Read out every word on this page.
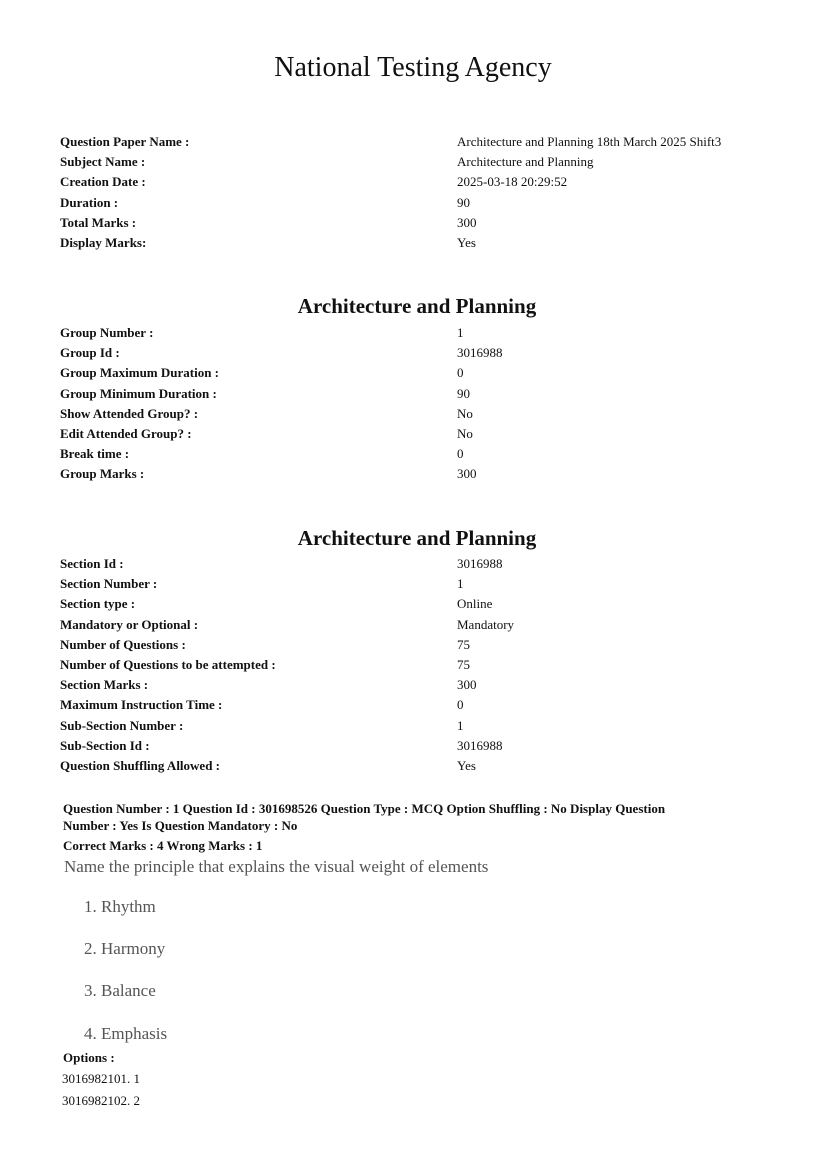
National Testing Agency
Question Paper Name :	Architecture and Planning 18th March 2025 Shift3
Subject Name :	Architecture and Planning
Creation Date :	2025-03-18 20:29:52
Duration :	90
Total Marks :	300
Display Marks:	Yes
Architecture and Planning
Group Number :	1
Group Id :	3016988
Group Maximum Duration :	0
Group Minimum Duration :	90
Show Attended Group? :	No
Edit Attended Group? :	No
Break time :	0
Group Marks :	300
Architecture and Planning
Section Id :	3016988
Section Number :	1
Section type :	Online
Mandatory or Optional :	Mandatory
Number of Questions :	75
Number of Questions to be attempted :	75
Section Marks :	300
Maximum Instruction Time :	0
Sub-Section Number :	1
Sub-Section Id :	3016988
Question Shuffling Allowed :	Yes
Question Number : 1 Question Id : 301698526 Question Type : MCQ Option Shuffling : No Display Question
Number : Yes Is Question Mandatory : No
Correct Marks : 4 Wrong Marks : 1
Name the principle that explains the visual weight of elements
1. Rhythm
2. Harmony
3. Balance
4. Emphasis
Options :
3016982101. 1
3016982102. 2
